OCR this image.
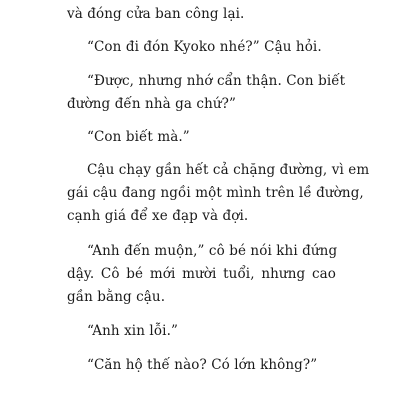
và đóng cửa ban công lại.
“Con đi đón Kyoko nhé?” Cậu hỏi.
“Được, nhưng nhớ cẩn thận. Con biết
đường đến nhà ga chứ?”
“Con biết mà.”
Cậu chạy gần hết cả chặng đường, vì em
gái cậu đang ngồi một mình trên lề đường,
cạnh giá để xe đạp và đợi.
“Anh đến muộn,” cô bé nói khi đứng
dậy. Cô bé mới mười tuổi, nhưng cao
gần bằng cậu.
“Anh xin lỗi.”
“Căn hộ thế nào? Có lớn không?”
